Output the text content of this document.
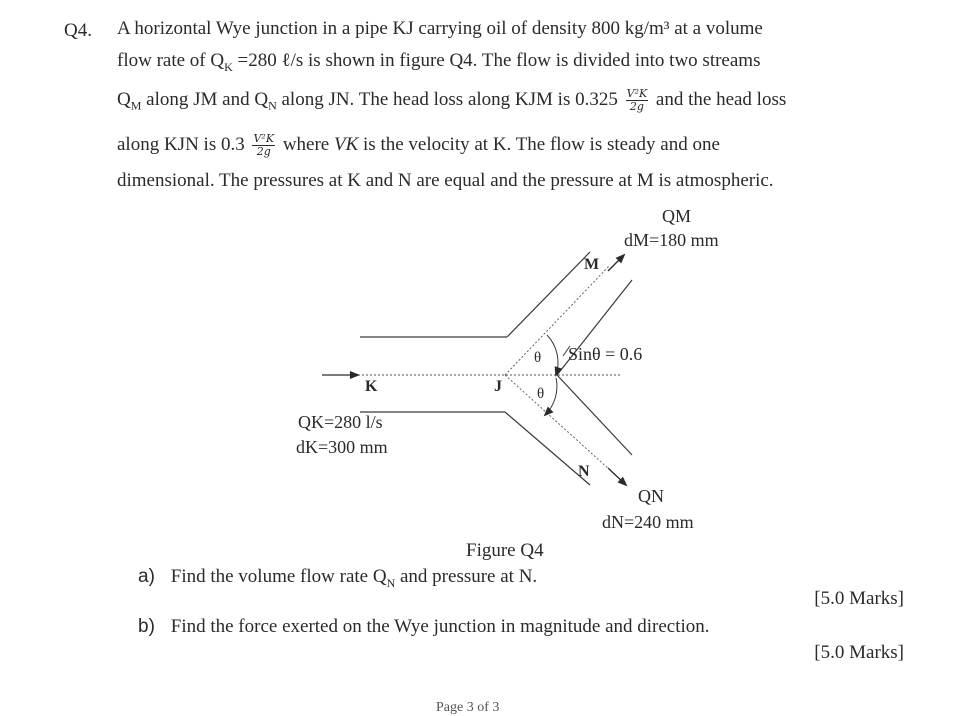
Q4. A horizontal Wye junction in a pipe KJ carrying oil of density 800 kg/m³ at a volume
flow rate of $Q_K =280$ ℓ/s is shown in figure Q4. The flow is divided into two streams
$Q_M$ along JM and $Q_N$ along JN. The head loss along KJM is $0.325 \frac{\text{V²K}}{2g}$ and the head loss
along KJN is $0.3 \frac{\text{V²K}}{2g}$ where VK is the velocity at K. The flow is steady and one
dimensional. The pressures at K and N are equal and the pressure at M is atmospheric.
QM
dM=180 mm
M
Sinθ = 0.6
θ
θ
K	J
QK=280 l/s
dK=300 mm
N
QN
dN=240 mm
Figure Q4
a) Find the volume flow rate $Q_N$ and pressure at N.
[5.0 Marks]
b) Find the force exerted on the Wye junction in magnitude and direction.
[5.0 Marks]
Page 3 of 3
